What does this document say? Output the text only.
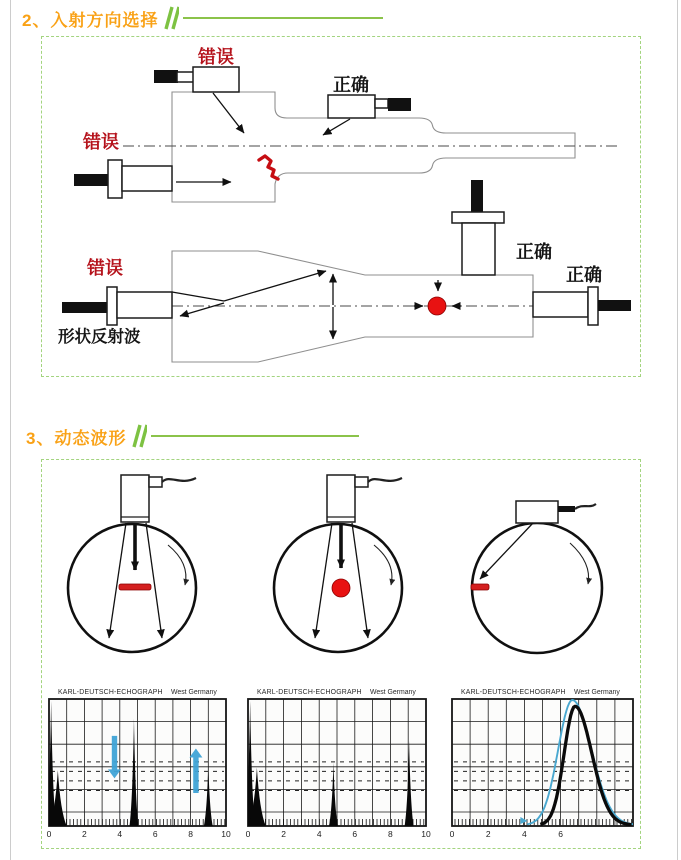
2、入射方向选择
3、动态波形
错误
正确
错误
正确
正确
错误
形状反射波
0	2	4	6	8	10
KARL-DEUTSCH-ECHOGRAPH West Germany
0	2	4	6	8	10
KARL-DEUTSCH-ECHOGRAPH West Germany
0	2	4	6
KARL-DEUTSCH-ECHOGRAPH West Germany
